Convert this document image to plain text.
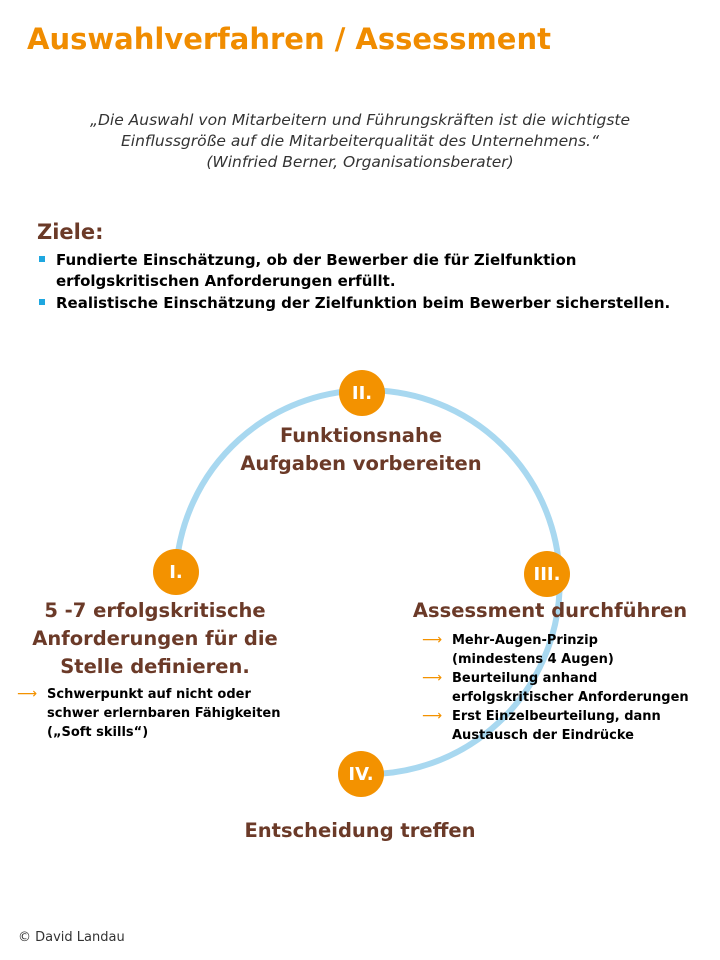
Auswahlverfahren / Assessment
„Die Auswahl von Mitarbeitern und Führungskräften ist die wichtigste
Einflussgröße auf die Mitarbeiterqualität des Unternehmens.“
(Winfried Berner, Organisationsberater)
Ziele:
Fundierte Einschätzung, ob der Bewerber die für Zielfunktion
erfolgskritischen Anforderungen erfüllt.
Realistische Einschätzung der Zielfunktion beim Bewerber sicherstellen.
II.
Funktionsnahe
Aufgaben vorbereiten
I.
5 -7 erfolgskritische
Anforderungen für die
Stelle definieren.
⟶ Schwerpunkt auf nicht oder
schwer erlernbaren Fähigkeiten
(„Soft skills“)
III.
Assessment durchführen
⟶ Mehr-Augen-Prinzip
(mindestens 4 Augen)
⟶ Beurteilung anhand
erfolgskritischer Anforderungen
⟶ Erst Einzelbeurteilung, dann
Austausch der Eindrücke
IV.
Entscheidung treffen
© David Landau
